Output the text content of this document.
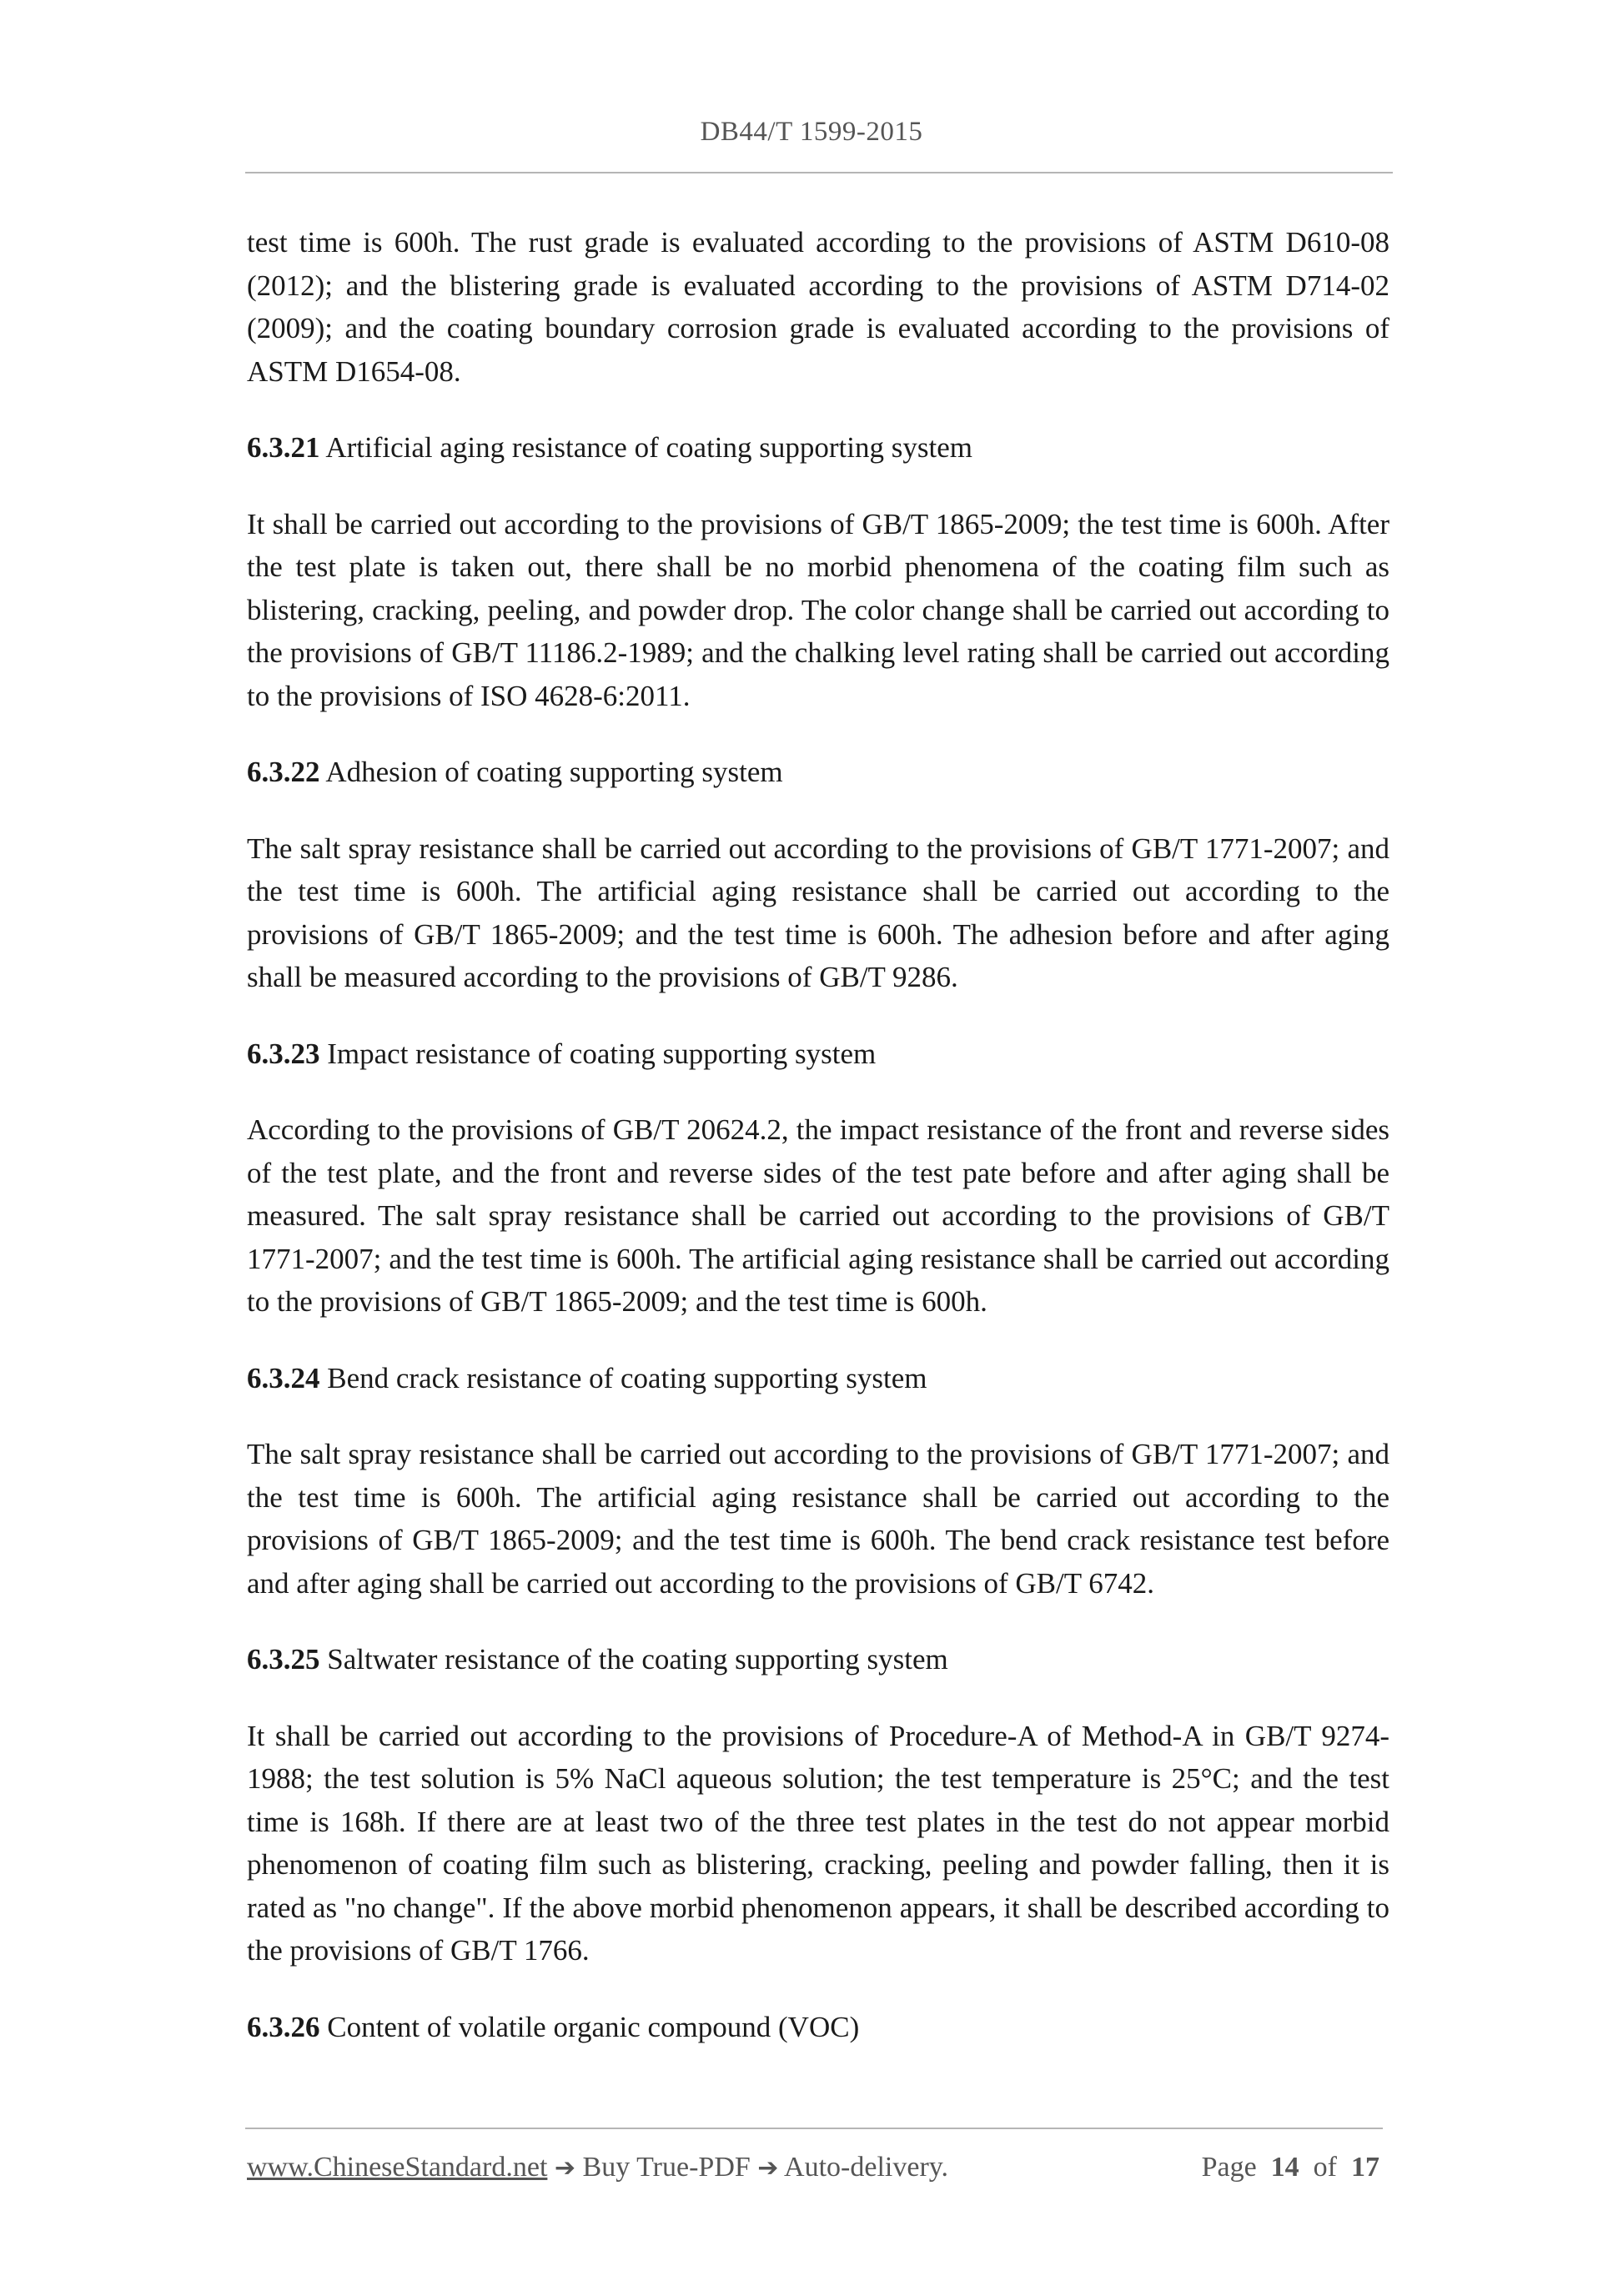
DB44/T 1599-2015

test time is 600h. The rust grade is evaluated according to the provisions of ASTM D610-08 (2012); and the blistering grade is evaluated according to the provisions of ASTM D714-02 (2009); and the coating boundary corrosion grade is evaluated according to the provisions of ASTM D1654-08.

6.3.21 Artificial aging resistance of coating supporting system

It shall be carried out according to the provisions of GB/T 1865-2009; the test time is 600h. After the test plate is taken out, there shall be no morbid phenomena of the coating film such as blistering, cracking, peeling, and powder drop. The color change shall be carried out according to the provisions of GB/T 11186.2-1989; and the chalking level rating shall be carried out according to the provisions of ISO 4628-6:2011.

6.3.22 Adhesion of coating supporting system

The salt spray resistance shall be carried out according to the provisions of GB/T 1771-2007; and the test time is 600h. The artificial aging resistance shall be carried out according to the provisions of GB/T 1865-2009; and the test time is 600h. The adhesion before and after aging shall be measured according to the provisions of GB/T 9286.

6.3.23 Impact resistance of coating supporting system

According to the provisions of GB/T 20624.2, the impact resistance of the front and reverse sides of the test plate, and the front and reverse sides of the test pate before and after aging shall be measured. The salt spray resistance shall be carried out according to the provisions of GB/T 1771-2007; and the test time is 600h. The artificial aging resistance shall be carried out according to the provisions of GB/T 1865-2009; and the test time is 600h.

6.3.24 Bend crack resistance of coating supporting system

The salt spray resistance shall be carried out according to the provisions of GB/T 1771-2007; and the test time is 600h. The artificial aging resistance shall be carried out according to the provisions of GB/T 1865-2009; and the test time is 600h. The bend crack resistance test before and after aging shall be carried out according to the provisions of GB/T 6742.

6.3.25 Saltwater resistance of the coating supporting system

It shall be carried out according to the provisions of Procedure-A of Method-A in GB/T 9274-1988; the test solution is 5% NaCl aqueous solution; the test temperature is 25°C; and the test time is 168h. If there are at least two of the three test plates in the test do not appear morbid phenomenon of coating film such as blistering, cracking, peeling and powder falling, then it is rated as "no change". If the above morbid phenomenon appears, it shall be described according to the provisions of GB/T 1766.

6.3.26 Content of volatile organic compound (VOC)

www.ChineseStandard.net ➔ Buy True-PDF ➔ Auto-delivery.	Page 14 of 17
